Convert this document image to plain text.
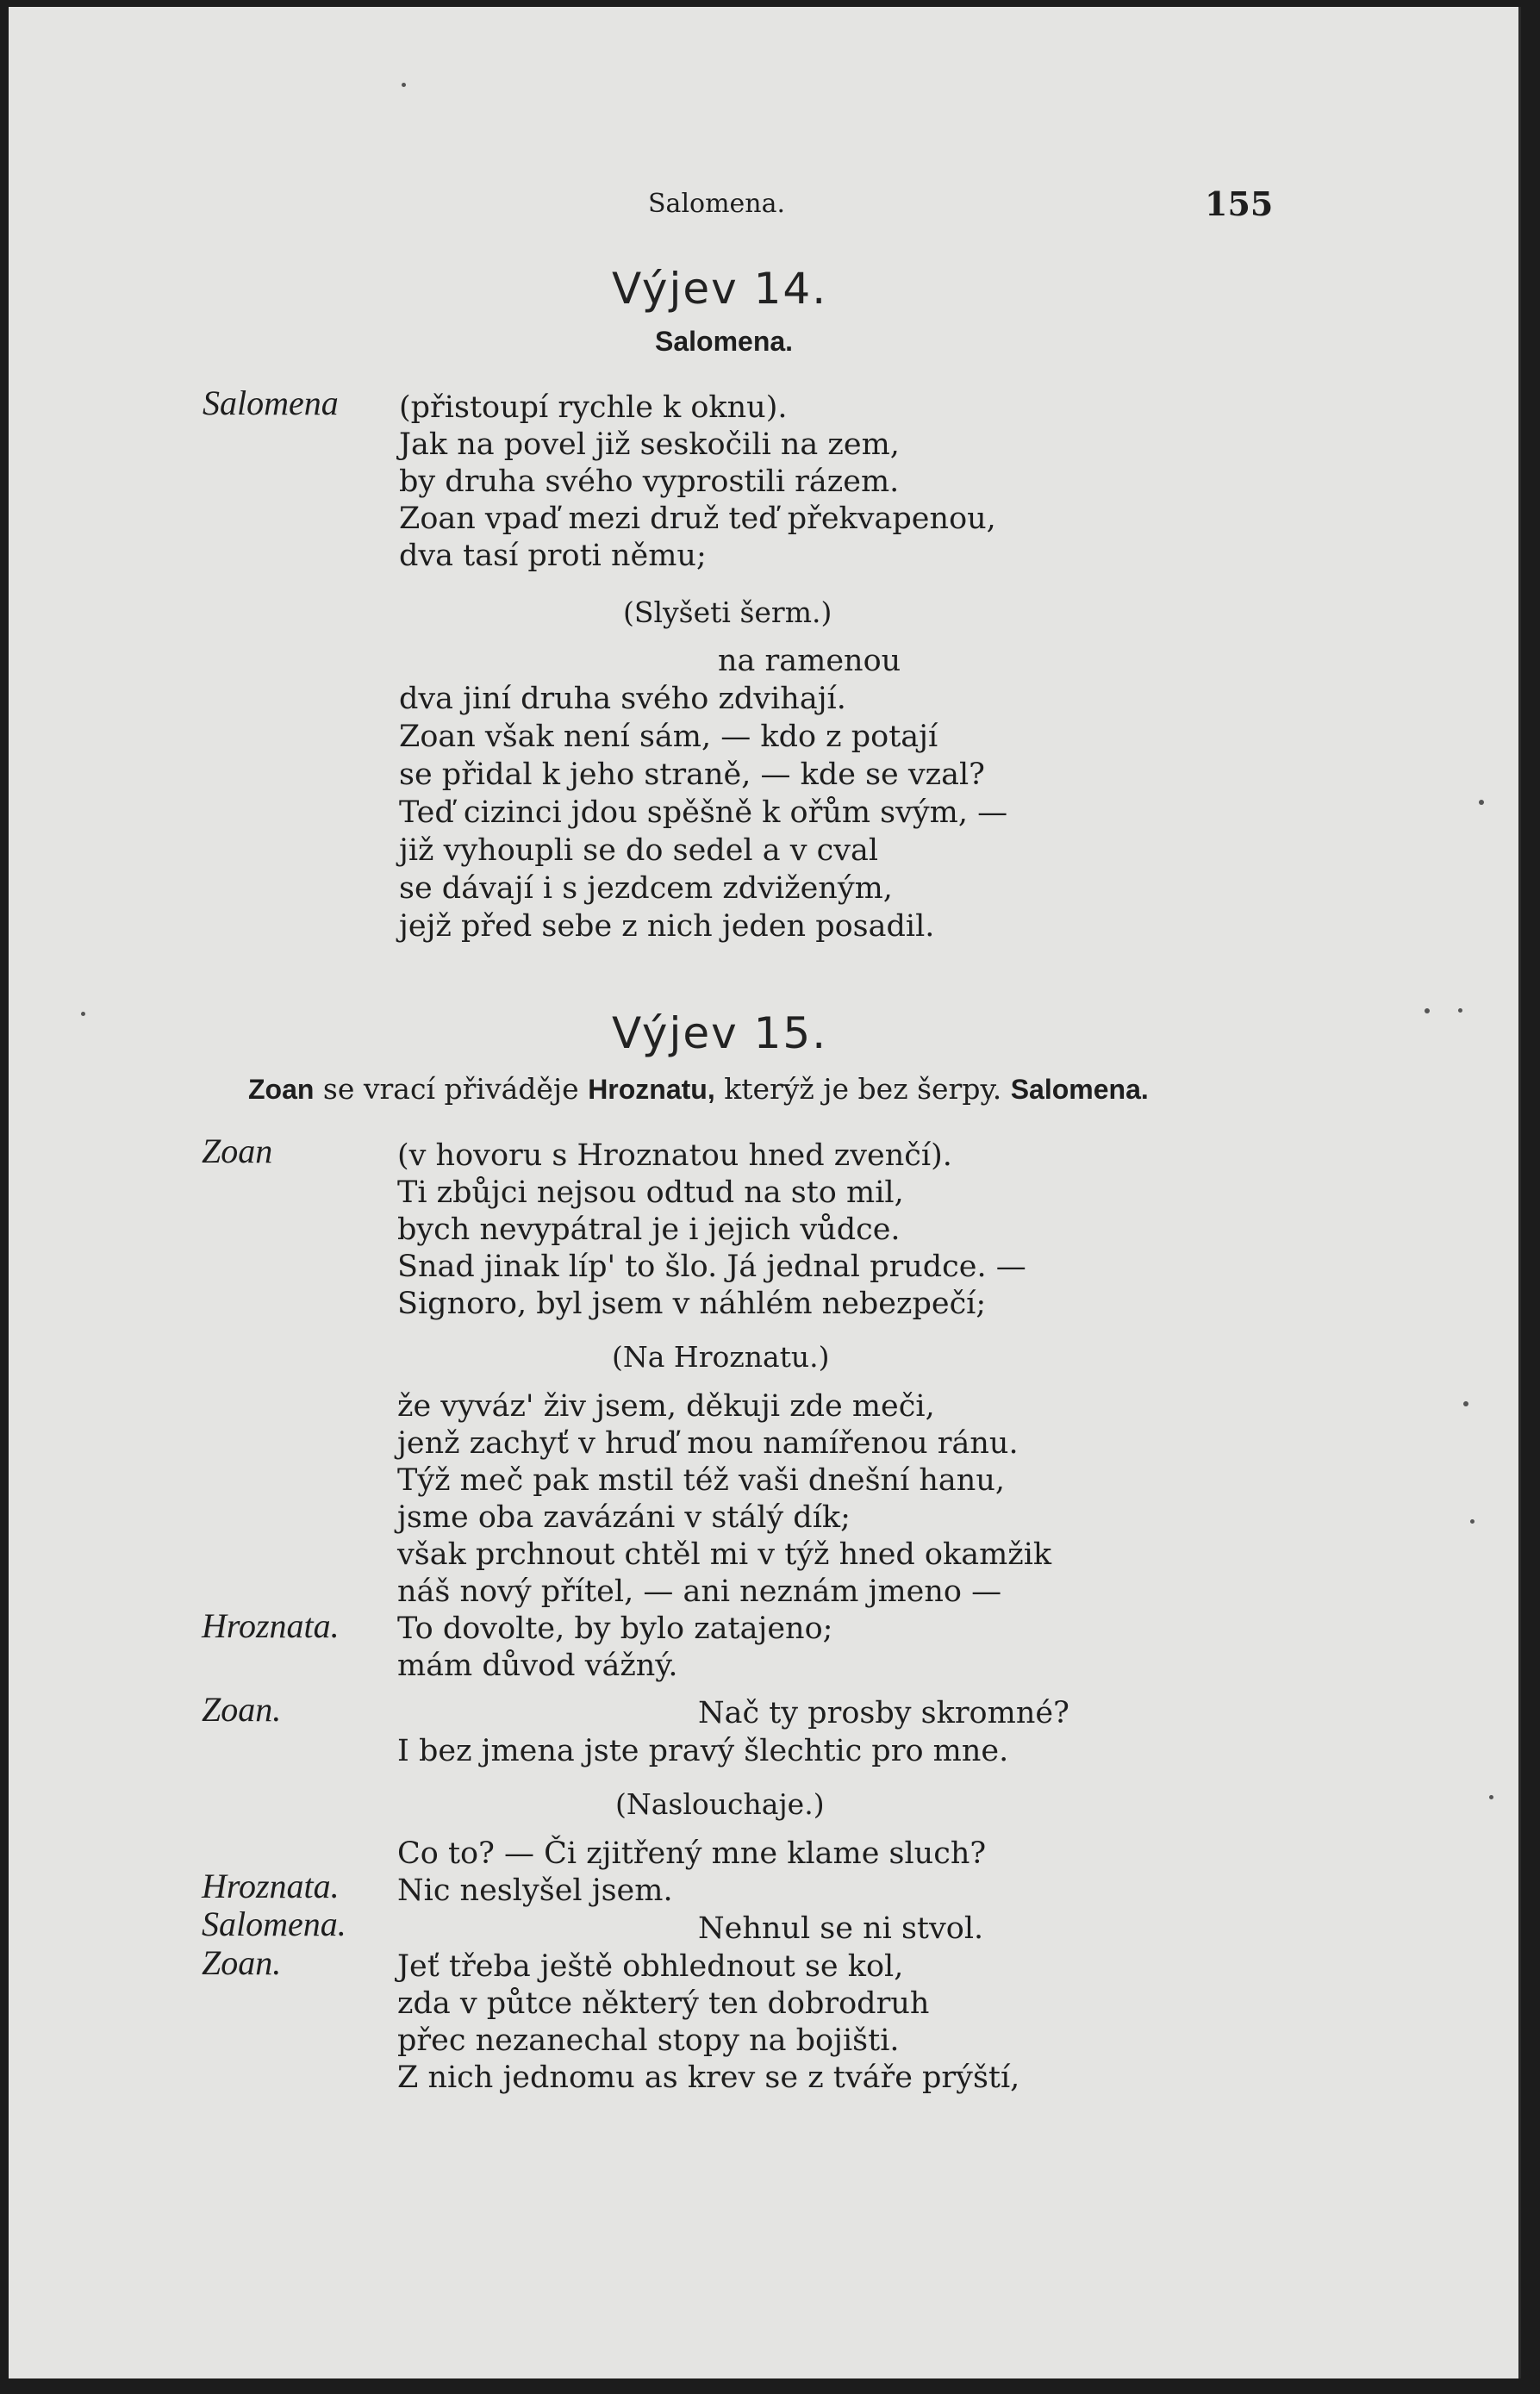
Salomena.	155
Výjev 14.
Salomena.
Salomena (přistoupí rychle k oknu).
Jak na povel již seskočili na zem,
by druha svého vyprostili rázem.
Zoan vpaď mezi druž teď překvapenou,
dva tasí proti němu;
(Slyšeti šerm.)
na ramenou
dva jiní druha svého zdvihají.
Zoan však není sám, — kdo z potají
se přidal k jeho straně, — kde se vzal?
Teď cizinci jdou spěšně k ořům svým, —
již vyhoupli se do sedel a v cval
se dávají i s jezdcem zdviženým,
jejž před sebe z nich jeden posadil.
Výjev 15.
Zoan se vrací přiváděje Hroznatu, kterýž je bez šerpy. Salomena.
Zoan	(v hovoru s Hroznatou hned zvenčí).
Ti zbůjci nejsou odtud na sto mil,
bych nevypátral je i jejich vůdce.
Snad jinak líp' to šlo. Já jednal prudce. —
Signoro, byl jsem v náhlém nebezpečí;
(Na Hroznatu.)
že vyváz' živ jsem, děkuji zde meči,
jenž zachyť v hruď mou namířenou ránu.
Týž meč pak mstil též vaši dnešní hanu,
jsme oba zavázáni v stálý dík;
však prchnout chtěl mi v týž hned okamžik
náš nový přítel, — ani neznám jmeno —
Hroznata. To dovolte, by bylo zatajeno;
mám důvod vážný.
Zoan.	Nač ty prosby skromné?
I bez jmena jste pravý šlechtic pro mne.
(Naslouchaje.)
Co to? — Či zjitřený mne klame sluch?
Hroznata. Nic neslyšel jsem.
Salomena.	Nehnul se ni stvol.
Zoan.	Jeť třeba ještě obhlednout se kol,
zda v půtce některý ten dobrodruh
přec nezanechal stopy na bojišti.
Z nich jednomu as krev se z tváře prýští,
